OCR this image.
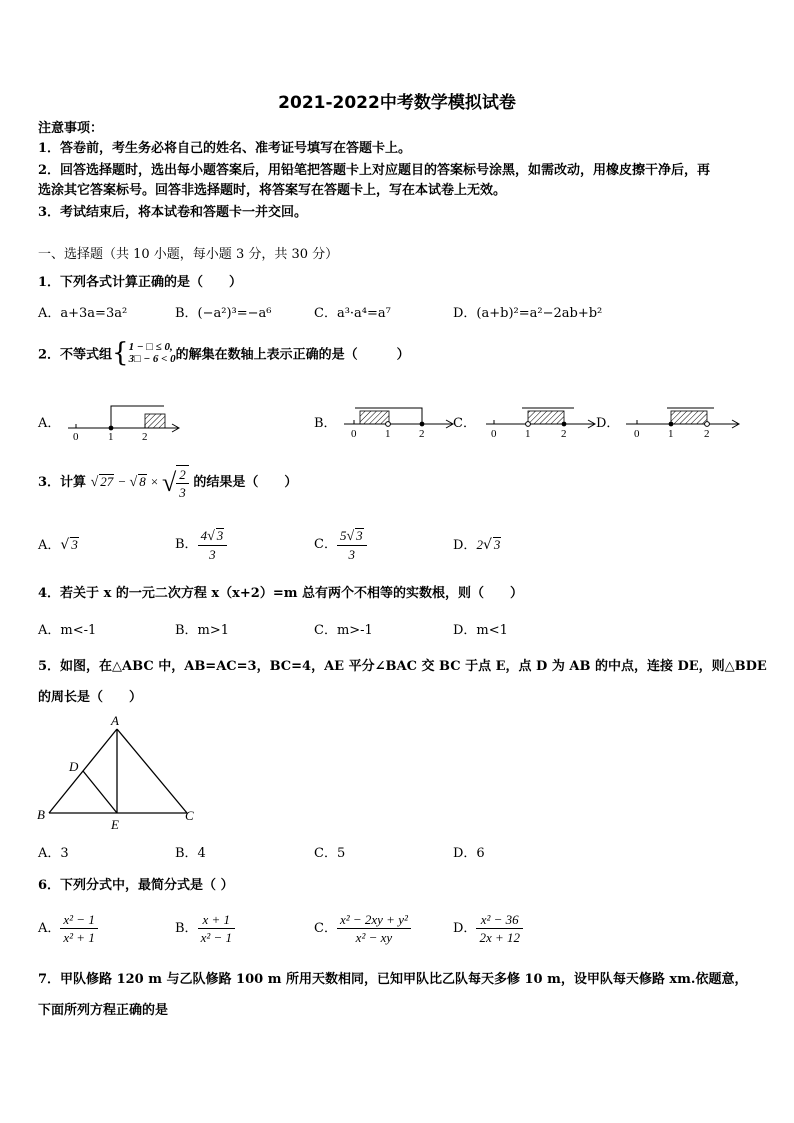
2021-2022中考数学模拟试卷
注意事项：
1．答卷前，考生务必将自己的姓名、准考证号填写在答题卡上。
2．回答选择题时，选出每小题答案后，用铅笔把答题卡上对应题目的答案标号涂黑，如需改动，用橡皮擦干净后，再
选涂其它答案标号。回答非选择题时，将答案写在答题卡上，写在本试卷上无效。
3．考试结束后，将本试卷和答题卡一并交回。
一、选择题（共 10 小题，每小题 3 分，共 30 分）
1．下列各式计算正确的是（　　）
A．a+3a=3a²	B．(−a²)³=−a⁶	C．a³·a⁴=a⁷	D．(a+b)²=a²−2ab+b²
2．不等式组{ 1 − □ ≤ 0,
3□ − 6 < 0 的解集在数轴上表示正确的是（　　　）
A．	B．	C．	D．
0	1	2	0	1	2	0	1	2	0	1	2
3．计算 √ 27 − √ 8 × √ $\frac{2}{3}$ 的结果是（　　）
A．√ 3	B． $\frac{4√ 3}{3}$	C． $\frac{5√ 3}{3}$	D．2√ 3
4．若关于 x 的一元二次方程 x（x+2）=m 总有两个不相等的实数根，则（　　）
A．m<-1	B．m>1	C．m>-1	D．m<1
5．如图，在△ABC 中，AB=AC=3，BC=4，AE 平分∠BAC 交 BC 于点 E，点 D 为 AB 的中点，连接 DE，则△BDE
的周长是（　　）
A
D
B	C
E
A．3	B．4	C．5	D．6
6．下列分式中，最简分式是（ ）
A． $\frac{\text{x² − 1}}{\text{x² + 1}}$	B． $\frac{x + 1}{\text{x² − 1}}$	C． $\frac{\text{x² − 2xy + y²}}{\text{x² − xy}}$	D． $\frac{\text{x² − 36}}{2x + 12}$
7．甲队修路 120 m 与乙队修路 100 m 所用天数相同，已知甲队比乙队每天多修 10 m，设甲队每天修路 xm.依题意，
下面所列方程正确的是
